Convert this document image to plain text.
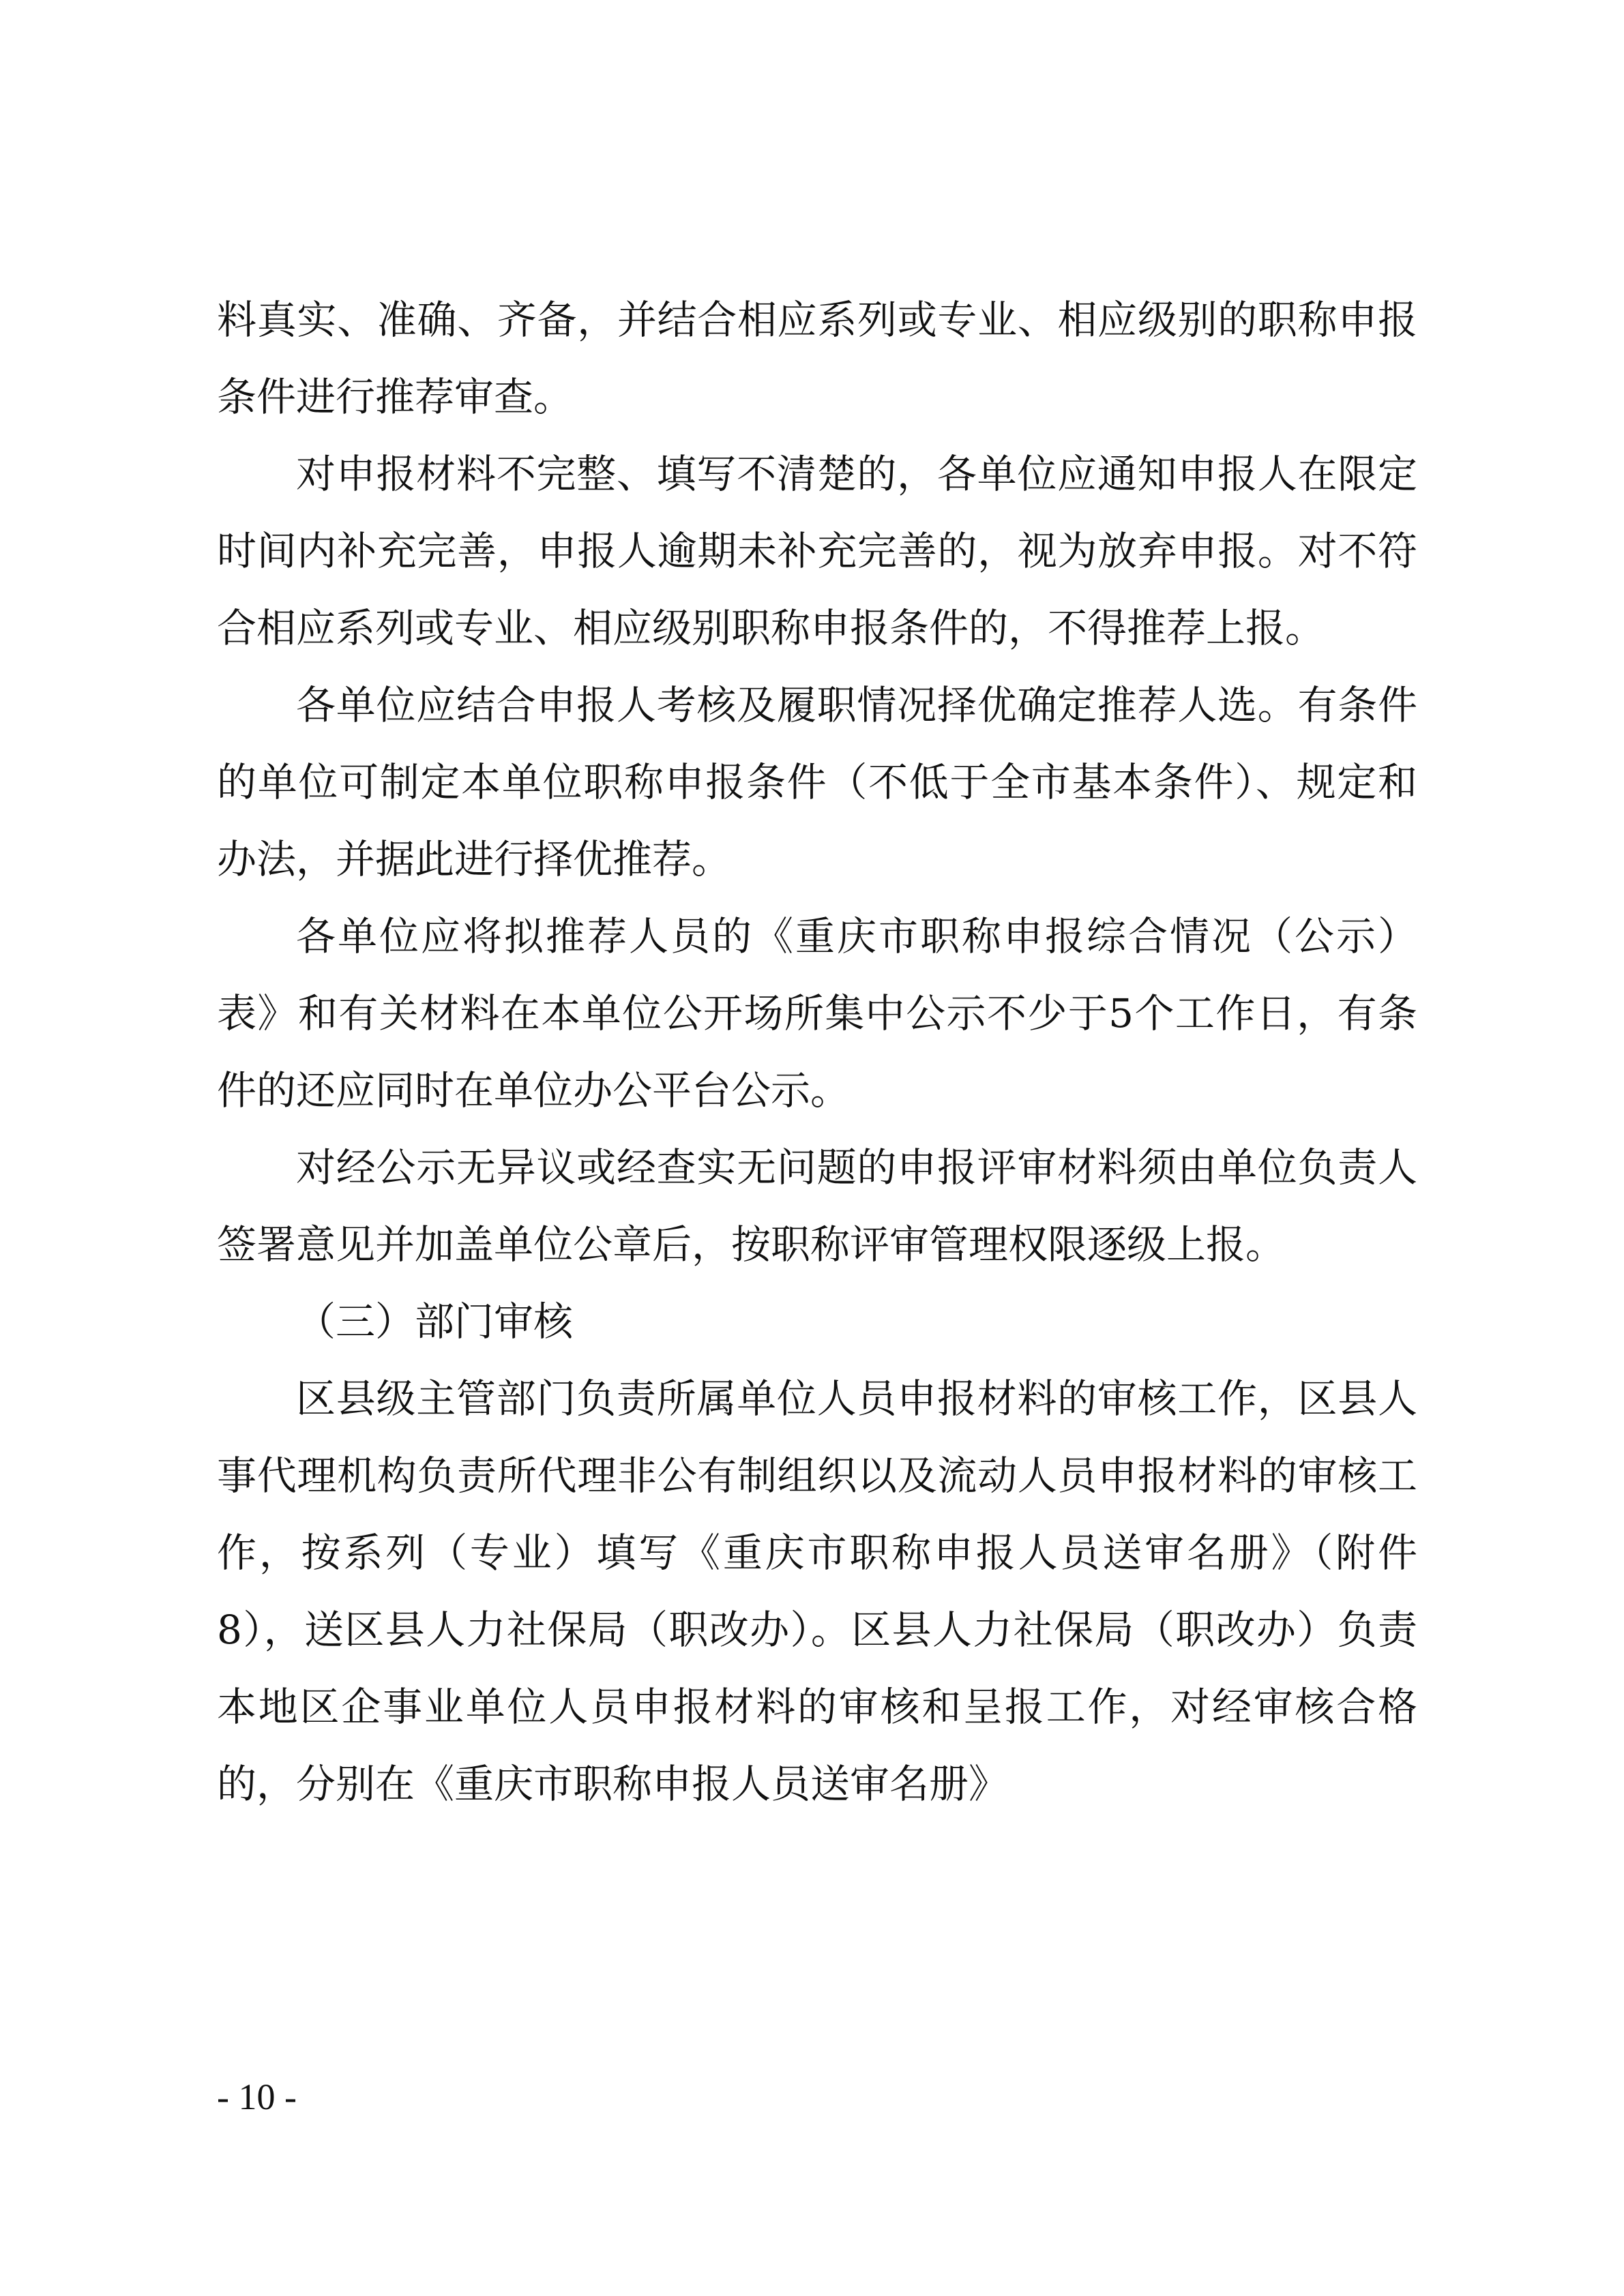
料真实、准确、齐备，并结合相应系列或专业、相应级别的职称申报条件进行推荐审查。

对申报材料不完整、填写不清楚的，各单位应通知申报人在限定时间内补充完善，申报人逾期未补充完善的，视为放弃申报。对不符合相应系列或专业、相应级别职称申报条件的，不得推荐上报。

各单位应结合申报人考核及履职情况择优确定推荐人选。有条件的单位可制定本单位职称申报条件（不低于全市基本条件）、规定和办法，并据此进行择优推荐。

各单位应将拟推荐人员的《重庆市职称申报综合情况（公示）表》和有关材料在本单位公开场所集中公示不少于5个工作日，有条件的还应同时在单位办公平台公示。

对经公示无异议或经查实无问题的申报评审材料须由单位负责人签署意见并加盖单位公章后，按职称评审管理权限逐级上报。

（三）部门审核

区县级主管部门负责所属单位人员申报材料的审核工作，区县人事代理机构负责所代理非公有制组织以及流动人员申报材料的审核工作，按系列（专业）填写《重庆市职称申报人员送审名册》（附件8），送区县人力社保局（职改办）。区县人力社保局（职改办）负责本地区企事业单位人员申报材料的审核和呈报工作，对经审核合格的，分别在《重庆市职称申报人员送审名册》

- 10 -
